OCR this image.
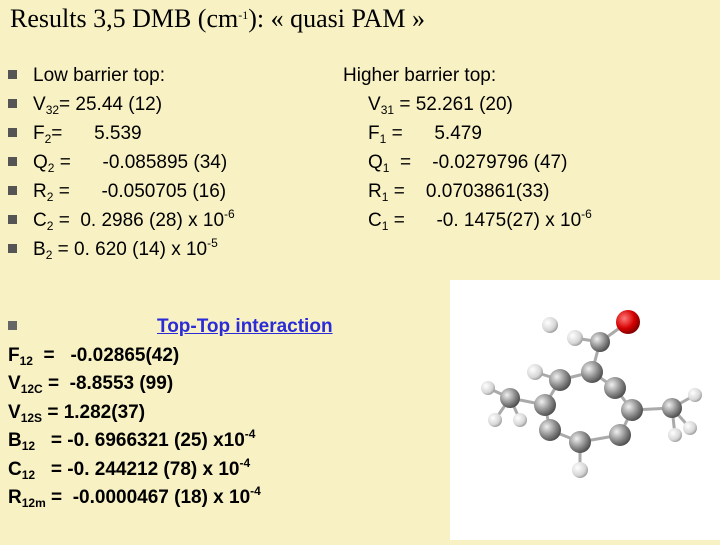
Results 3,5 DMB $(cm^{-1})$: « quasi PAM »
Low barrier top:
$V_{32}= 25.44$ (12)
$F_2=$      5.539
$Q_2$ =      -0.085895 (34)
$R_2$ =      -0.050705 (16)
$C_2 = 0$. 2986 (28) x $10^{-6}$
$B_2 = 0$. 620 (14) x $10^{-5}$
Higher barrier top:
$V_{31} = 52.261$ (20)
$F_1$ =      5.479
$Q_1$  =    -0.0279796 (47)
$R_1$ =    0.0703861(33)
$C_1$ =      -0. 1475(27) x $10^{-6}$
Top-Top interaction
$F_{12} = -0.02865(42)$
$V_{12C} = -8.8553$ (99)
$V_{12S} = 1.282(37)$
$B_{12} = -0$. 6966321 (25) $x10^{-4}$
$C_{12} = -0$. 244212 (78) x $10^{-4}$
$R_{12m} = -0.0000467$ (18) x $10^{-4}$
